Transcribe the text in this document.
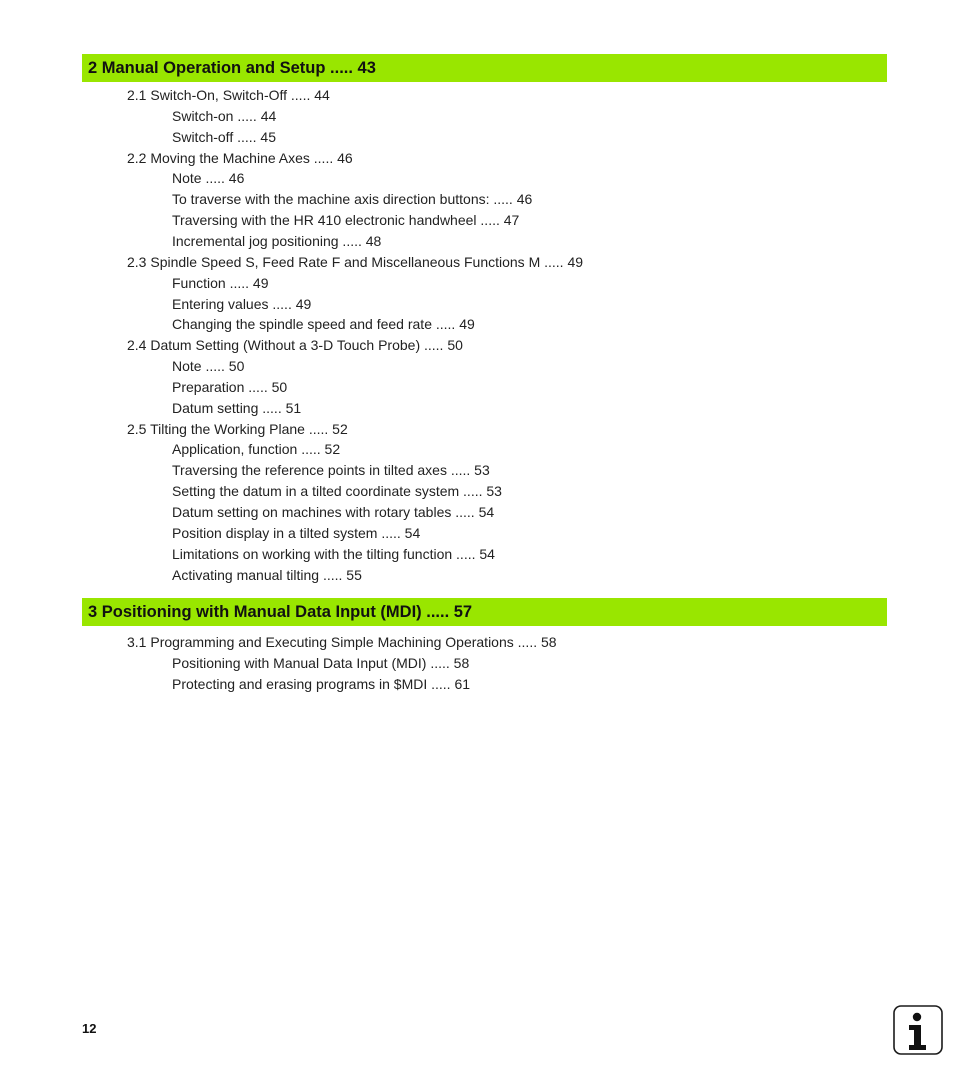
2 Manual Operation and Setup ..... 43
2.1 Switch-On, Switch-Off ..... 44
Switch-on ..... 44
Switch-off ..... 45
2.2 Moving the Machine Axes ..... 46
Note ..... 46
To traverse with the machine axis direction buttons: ..... 46
Traversing with the HR 410 electronic handwheel ..... 47
Incremental jog positioning ..... 48
2.3 Spindle Speed S, Feed Rate F and Miscellaneous Functions M ..... 49
Function ..... 49
Entering values ..... 49
Changing the spindle speed and feed rate ..... 49
2.4 Datum Setting (Without a 3-D Touch Probe) ..... 50
Note ..... 50
Preparation ..... 50
Datum setting ..... 51
2.5 Tilting the Working Plane ..... 52
Application, function ..... 52
Traversing the reference points in tilted axes ..... 53
Setting the datum in a tilted coordinate system ..... 53
Datum setting on machines with rotary tables ..... 54
Position display in a tilted system ..... 54
Limitations on working with the tilting function ..... 54
Activating manual tilting ..... 55
3 Positioning with Manual Data Input (MDI) ..... 57
3.1 Programming and Executing Simple Machining Operations ..... 58
Positioning with Manual Data Input (MDI) ..... 58
Protecting and erasing programs in $MDI ..... 61
12
